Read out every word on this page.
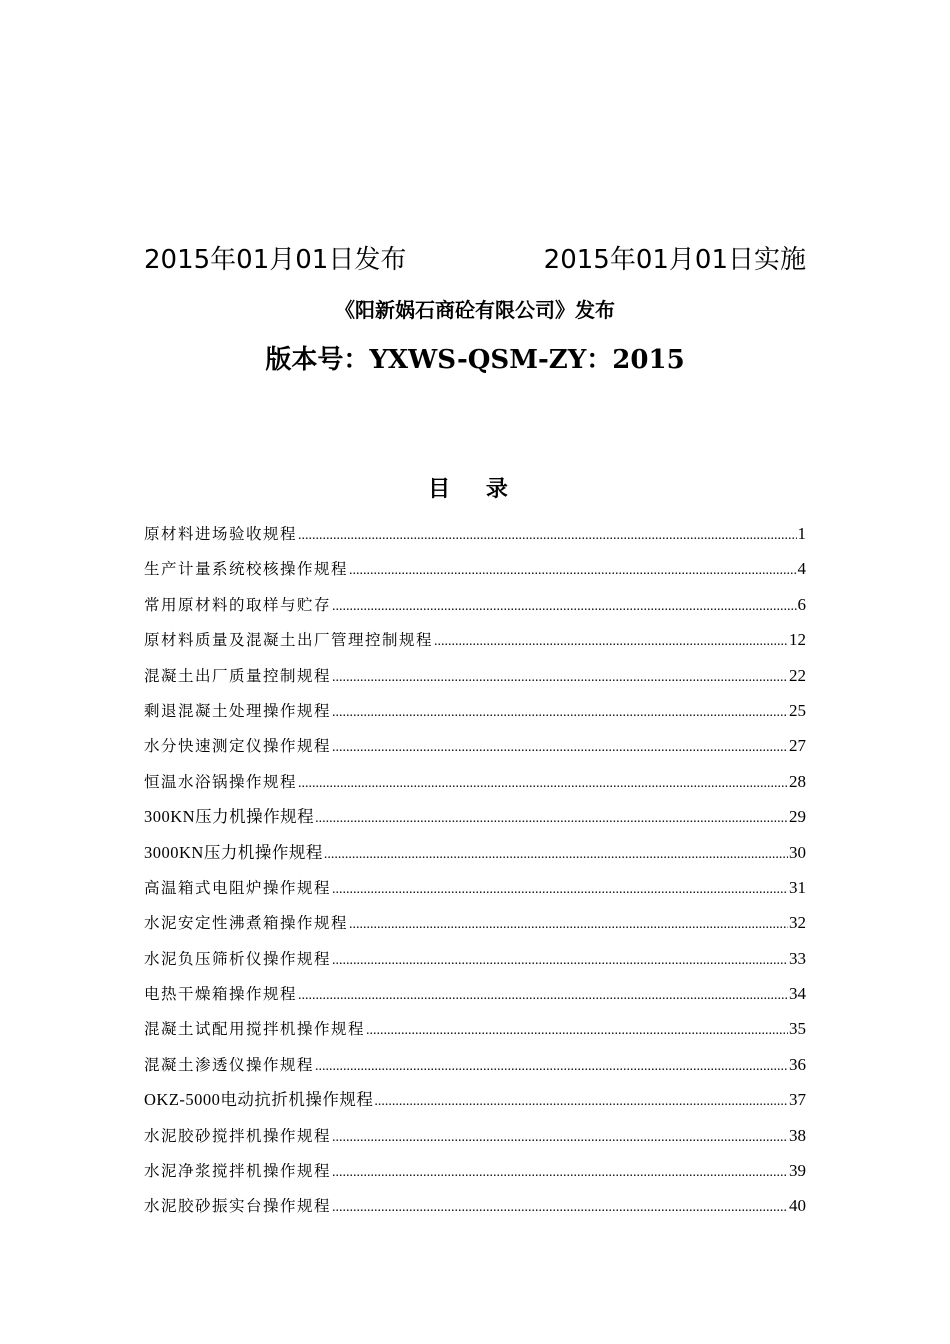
2015年01月01日发布	2015年01月01日实施
《阳新娲石商砼有限公司》发布
版本号：YXWS-QSM-ZY：2015
目 录
原材料进场验收规程 .....	1
生产计量系统校核操作规程 .....	4
常用原材料的取样与贮存 .....	6
原材料质量及混凝土出厂管理控制规程 .....	12
混凝土出厂质量控制规程 .....	22
剩退混凝土处理操作规程 .....	25
水分快速测定仪操作规程 .....	27
恒温水浴锅操作规程 .....	28
300KN压力机操作规程 .....	29
3000KN压力机操作规程 .....	30
高温箱式电阻炉操作规程 .....	31
水泥安定性沸煮箱操作规程 .....	32
水泥负压筛析仪操作规程 .....	33
电热干燥箱操作规程 .....	34
混凝土试配用搅拌机操作规程 .....	35
混凝土渗透仪操作规程 .....	36
OKZ-5000电动抗折机操作规程 .....	37
水泥胶砂搅拌机操作规程 .....	38
水泥净浆搅拌机操作规程 .....	39
水泥胶砂振实台操作规程 .....	40
